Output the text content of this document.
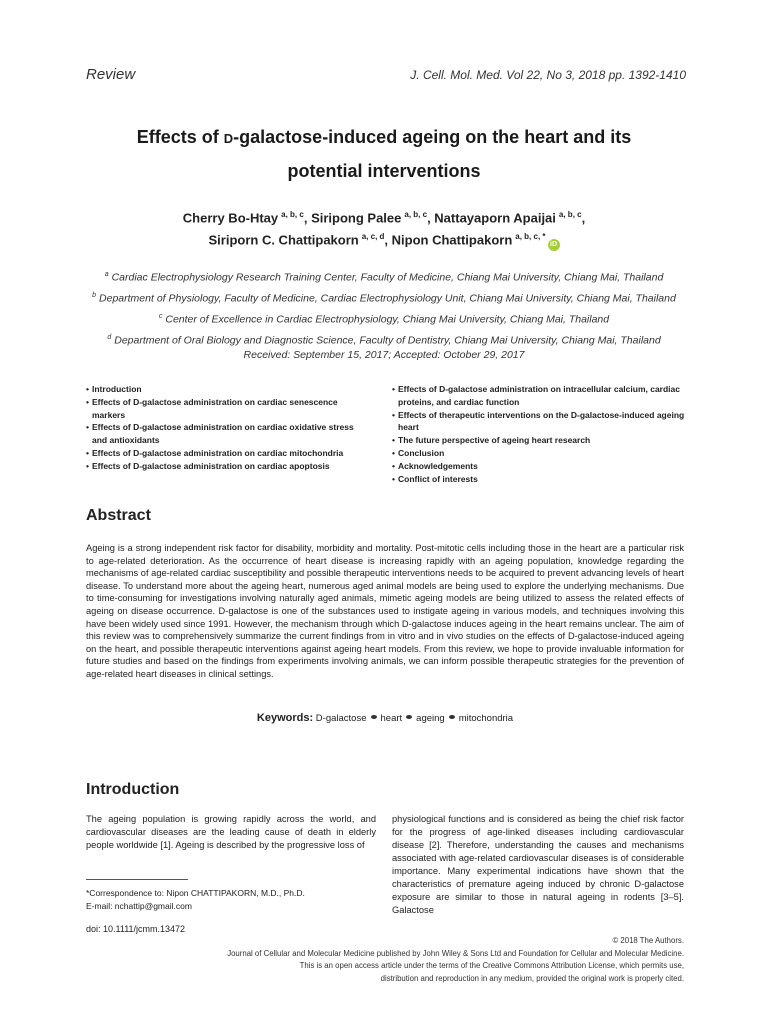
Review	J. Cell. Mol. Med. Vol 22, No 3, 2018 pp. 1392-1410
Effects of D-galactose-induced ageing on the heart and its
potential interventions
Cherry Bo-Htay $^{a, b, c}$, Siripong Palee $^{a, b, c}$, Nattayaporn Apaijai $^{a, b, c}$,
Siriporn C. Chattipakorn $^{a, c, d}$, Nipon Chattipakorn $^{a, b, c, *}$iD
$^a$ Cardiac Electrophysiology Research Training Center, Faculty of Medicine, Chiang Mai University, Chiang Mai, Thailand
$^b$ Department of Physiology, Faculty of Medicine, Cardiac Electrophysiology Unit, Chiang Mai University, Chiang Mai, Thailand
$^c$ Center of Excellence in Cardiac Electrophysiology, Chiang Mai University, Chiang Mai, Thailand
$^d$ Department of Oral Biology and Diagnostic Science, Faculty of Dentistry, Chiang Mai University, Chiang Mai, Thailand
Received: September 15, 2017; Accepted: October 29, 2017
• Introduction
• Effects of D-galactose administration on cardiac senescence markers
• Effects of D-galactose administration on cardiac oxidative stress and antioxidants
• Effects of D-galactose administration on cardiac mitochondria
• Effects of D-galactose administration on cardiac apoptosis
• Effects of D-galactose administration on intracellular calcium, cardiac proteins, and cardiac function
• Effects of therapeutic interventions on the D-galactose-induced ageing heart
• The future perspective of ageing heart research
• Conclusion
• Acknowledgements
• Conflict of interests
Abstract
Ageing is a strong independent risk factor for disability, morbidity and mortality. Post-mitotic cells including those in the heart are a particular risk to age-related deterioration. As the occurrence of heart disease is increasing rapidly with an ageing population, knowledge regarding the mechanisms of age-related cardiac susceptibility and possible therapeutic interventions needs to be acquired to prevent advancing levels of heart disease. To understand more about the ageing heart, numerous aged animal models are being used to explore the underlying mechanisms. Due to time-consuming for investigations involving naturally aged animals, mimetic ageing models are being utilized to assess the related effects of ageing on disease occurrence. D-galactose is one of the substances used to instigate ageing in various models, and techniques involving this have been widely used since 1991. However, the mechanism through which D-galactose induces ageing in the heart remains unclear. The aim of this review was to comprehensively summarize the current findings from in vitro and in vivo studies on the effects of D-galactose-induced ageing on the heart, and possible therapeutic interventions against ageing heart models. From this review, we hope to provide invaluable information for future studies and based on the findings from experiments involving animals, we can inform possible therapeutic strategies for the prevention of age-related heart diseases in clinical settings.
Keywords: D-galactose heart ageing mitochondria
Introduction
The ageing population is growing rapidly across the world, and cardiovascular diseases are the leading cause of death in elderly people worldwide [1]. Ageing is described by the progressive loss of
physiological functions and is considered as being the chief risk factor for the progress of age-linked diseases including cardiovascular disease [2]. Therefore, understanding the causes and mechanisms associated with age-related cardiovascular diseases is of considerable importance. Many experimental indications have shown that the characteristics of premature ageing induced by chronic D-galactose exposure are similar to those in natural ageing in rodents [3–5]. Galactose
*Correspondence to: Nipon CHATTIPAKORN, M.D., Ph.D.
E-mail: nchattip@gmail.com
doi: 10.1111/jcmm.13472
© 2018 The Authors.
Journal of Cellular and Molecular Medicine published by John Wiley & Sons Ltd and Foundation for Cellular and Molecular Medicine.
This is an open access article under the terms of the Creative Commons Attribution License, which permits use,
distribution and reproduction in any medium, provided the original work is properly cited.
